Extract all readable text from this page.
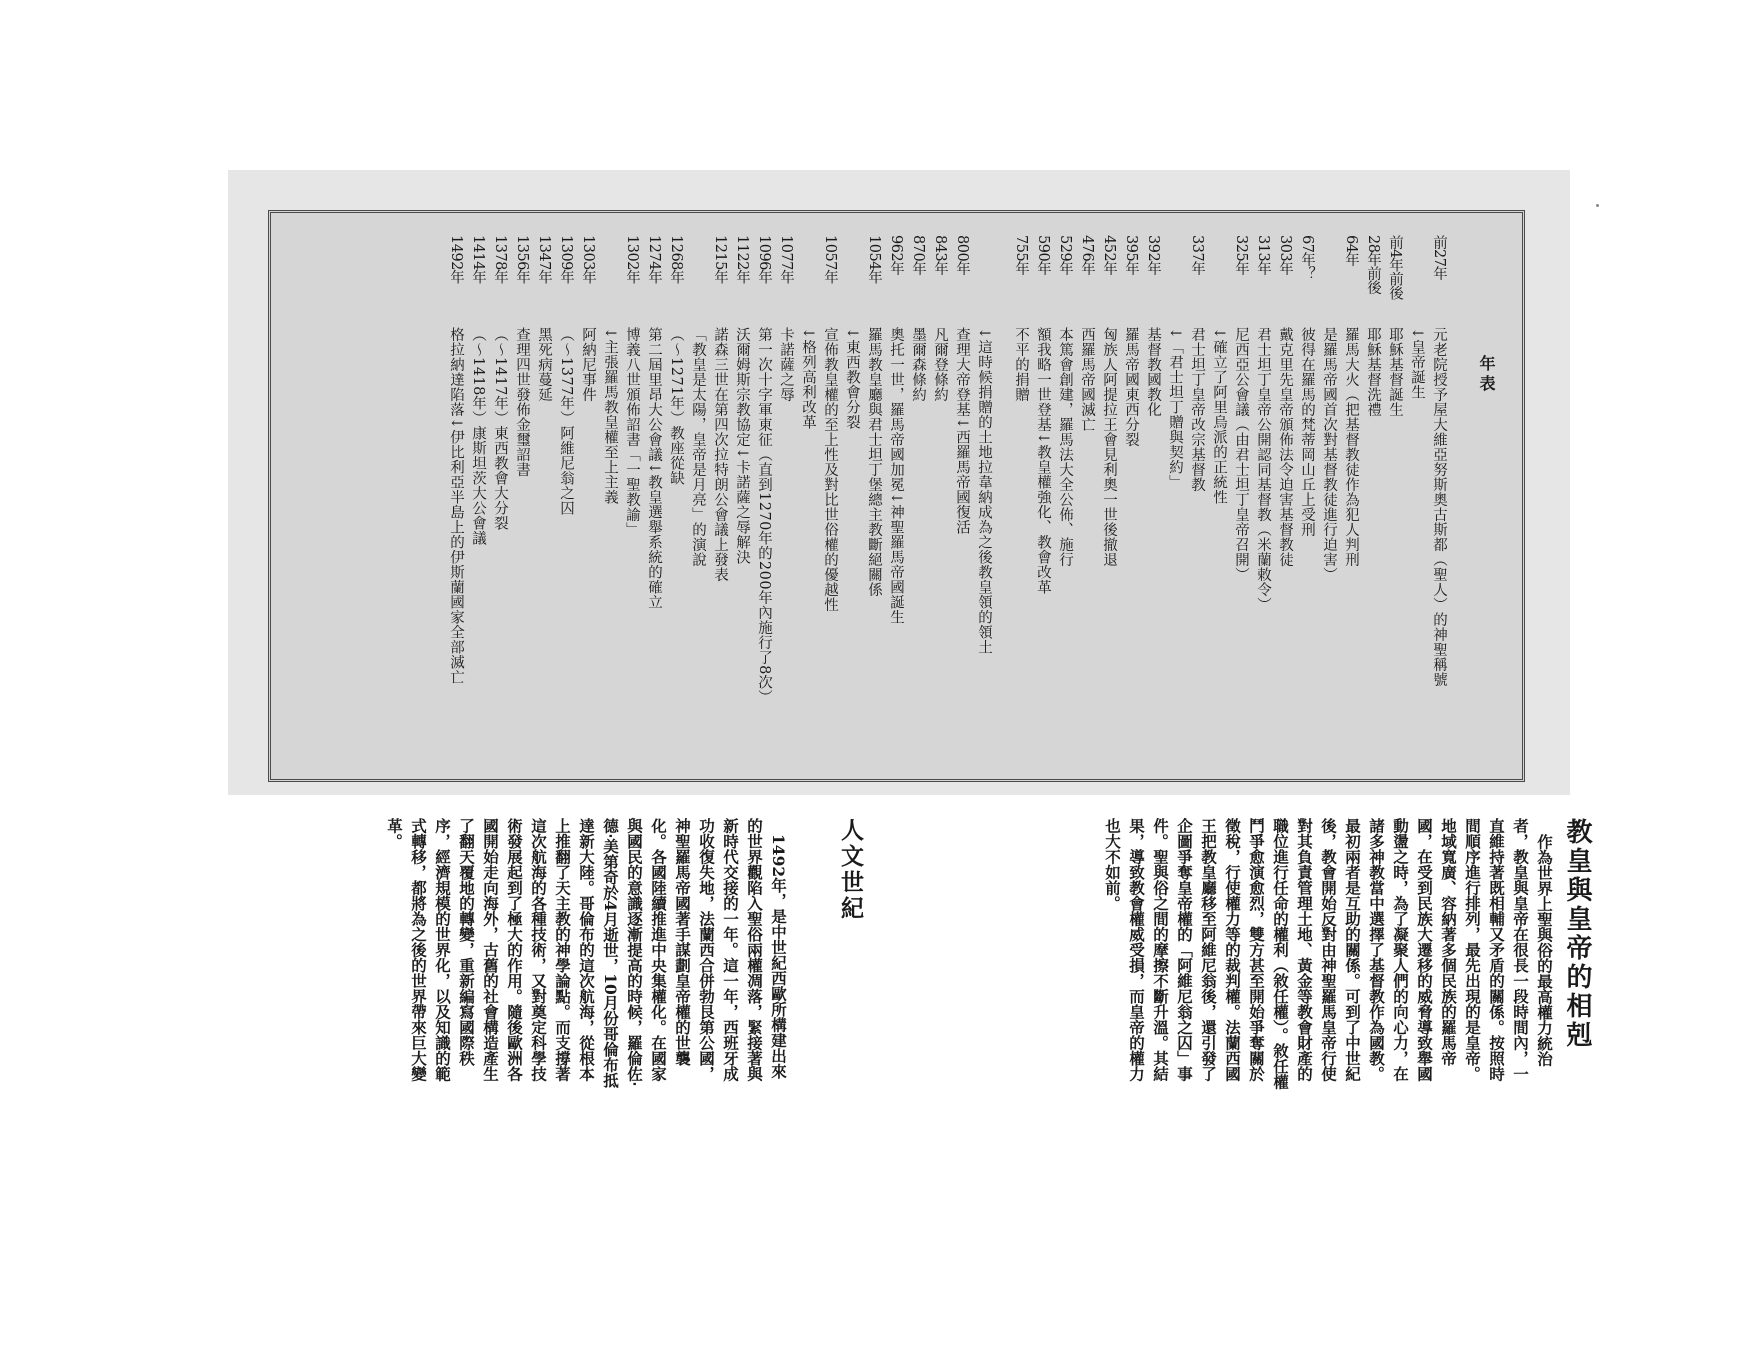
年表
前27年
元老院授予屋大維亞努斯奧古斯都（聖人）的神聖稱號
↓皇帝誕生
前4年前後
耶穌基督誕生
28年前後
耶穌基督洗禮
64年
羅馬大火（把基督教徒作為犯人判刑
是羅馬帝國首次對基督教徒進行迫害）
67年？
彼得在羅馬的梵蒂岡山丘上受刑
303年
戴克里先皇帝頒佈法令迫害基督教徒
313年
君士坦丁皇帝公開認同基督教（米蘭敕令）
325年
尼西亞公會議（由君士坦丁皇帝召開）
↓確立了阿里烏派的正統性
337年
君士坦丁皇帝改宗基督教
↓「君士坦丁贈與契約」
392年
基督教國教化
395年
羅馬帝國東西分裂
452年
匈族人阿提拉王會見利奧一世後撤退
476年
西羅馬帝國滅亡
529年
本篤會創建，羅馬法大全公佈、施行
590年
額我略一世登基↓教皇權強化、教會改革
755年
不平的捐贈
↓這時候捐贈的土地拉韋納成為之後教皇領的領土
800年
查理大帝登基↓西羅馬帝國復活
843年
凡爾登條約
870年
墨爾森條約
962年
奧托一世，羅馬帝國加冕↓神聖羅馬帝國誕生
1054年
羅馬教皇廳與君士坦丁堡總主教斷絕關係
↓東西教會分裂
1057年
宣佈教皇權的至上性及對比世俗權的優越性
↓格列高利改革
1077年
卡諾薩之辱
1096年
第一次十字軍東征（直到1270年的200年內施行了8次）
1122年
沃爾姆斯宗教協定↓卡諾薩之辱解決
1215年
諾森三世在第四次拉特朗公會議上發表
「教皇是太陽，皇帝是月亮」的演說
1268年
（～1271年）教座從缺
1274年
第二屆里昂大公會議↓教皇選舉系統的確立
1302年
博義八世頒佈詔書「一聖教諭」
↓主張羅馬教皇權至上主義
1303年
阿納尼事件
1309年
（～1377年）阿維尼翁之囚
1347年
黑死病蔓延
1356年
查理四世發佈金璽詔書
1378年
（～1417年）東西教會大分裂
1414年
（～1418年）康斯坦茨大公會議
1492年
格拉納達陷落↓伊比利亞半島上的伊斯蘭國家全部滅亡
教皇與皇帝的相剋

作為世界上聖與俗的最高權力統治者，教皇與皇帝在很長一段時間內，一直維持著既相輔又矛盾的關係。按照時間順序進行排列，最先出現的是皇帝。地域寬廣、容納著多個民族的羅馬帝國，在受到民族大遷移的威脅導致舉國動盪之時，為了凝聚人們的向心力，在諸多神教當中選擇了基督教作為國教。最初兩者是互助的關係。可到了中世紀後，教會開始反對由神聖羅馬皇帝行使對其負責管理土地、黃金等教會財產的職位進行任命的權利（敘任權）。敘任權鬥爭愈演愈烈，雙方甚至開始爭奪關於徵稅，行使權力等的裁判權。法蘭西國王把教皇廳移至阿維尼翁後，還引發了企圖爭奪皇帝權的「阿維尼翁之囚」事件。聖與俗之間的摩擦不斷升溫。其結果，導致教會權威受損，而皇帝的權力也大不如前。

人文世紀

1492年，是中世紀西歐所構建出來的世界觀陷入聖俗兩權凋落，緊接著與新時代交接的一年。這一年，西班牙成功收復失地，法蘭西合併勃艮第公國，神聖羅馬帝國著手謀劃皇帝權的世襲化。各國陸續推進中央集權化。在國家與國民的意識逐漸提高的時候，羅倫佐‧德‧美第奇於4月逝世，10月份哥倫布抵達新大陸。哥倫布的這次航海，從根本上推翻了天主教的神學論點。而支撐著這次航海的各種技術，又對奠定科學技術發展起到了極大的作用。隨後歐洲各國開始走向海外，古舊的社會構造產生了翻天覆地的轉變，重新編寫國際秩序，經濟規模的世界化，以及知識的範式轉移，都將為之後的世界帶來巨大變革。
